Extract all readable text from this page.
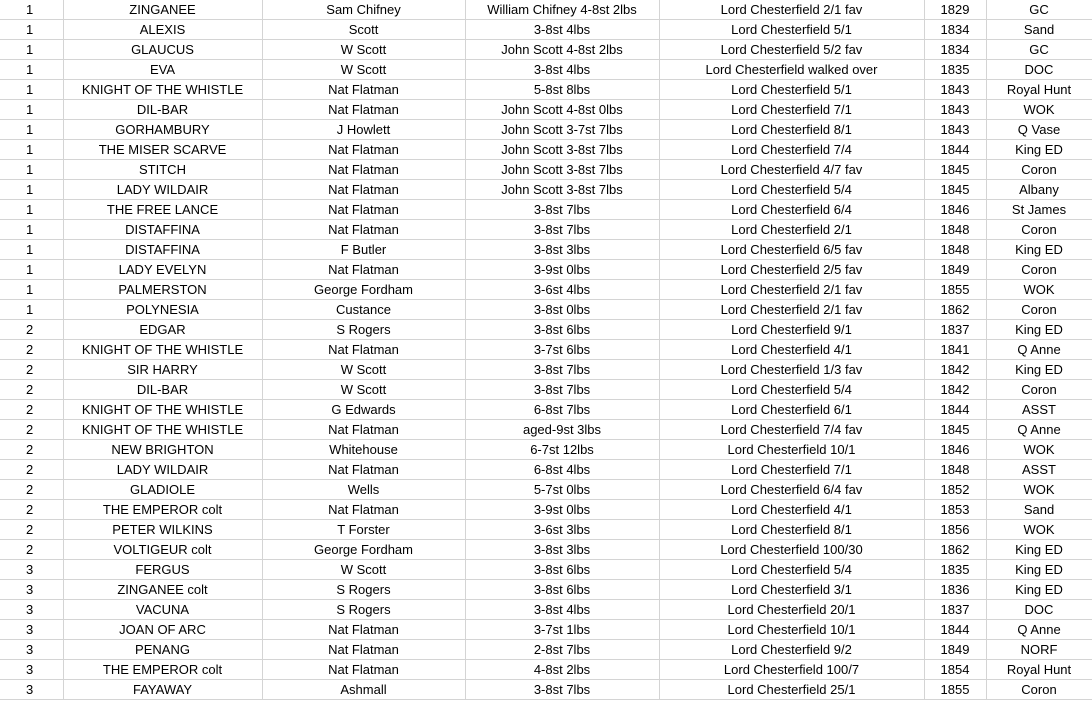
1	ZINGANEE	Sam Chifney	William Chifney 4-8st 2lbs	Lord Chesterfield 2/1 fav	1829	GC
1	ALEXIS	Scott	3-8st 4lbs	Lord Chesterfield 5/1	1834	Sand
1	GLAUCUS	W Scott	John Scott 4-8st 2lbs	Lord Chesterfield 5/2 fav	1834	GC
1	EVA	W Scott	3-8st 4lbs	Lord Chesterfield walked over	1835	DOC
1	KNIGHT OF THE WHISTLE	Nat Flatman	5-8st 8lbs	Lord Chesterfield 5/1	1843	Royal Hunt
1	DIL-BAR	Nat Flatman	John Scott 4-8st 0lbs	Lord Chesterfield 7/1	1843	WOK
1	GORHAMBURY	J Howlett	John Scott 3-7st 7lbs	Lord Chesterfield 8/1	1843	Q Vase
1	THE MISER SCARVE	Nat Flatman	John Scott 3-8st 7lbs	Lord Chesterfield 7/4	1844	King ED
1	STITCH	Nat Flatman	John Scott 3-8st 7lbs	Lord Chesterfield 4/7 fav	1845	Coron
1	LADY WILDAIR	Nat Flatman	John Scott 3-8st 7lbs	Lord Chesterfield 5/4	1845	Albany
1	THE FREE LANCE	Nat Flatman	3-8st 7lbs	Lord Chesterfield 6/4	1846	St James
1	DISTAFFINA	Nat Flatman	3-8st 7lbs	Lord Chesterfield 2/1	1848	Coron
1	DISTAFFINA	F Butler	3-8st 3lbs	Lord Chesterfield 6/5 fav	1848	King ED
1	LADY EVELYN	Nat Flatman	3-9st 0lbs	Lord Chesterfield 2/5 fav	1849	Coron
1	PALMERSTON	George Fordham	3-6st 4lbs	Lord Chesterfield 2/1 fav	1855	WOK
1	POLYNESIA	Custance	3-8st 0lbs	Lord Chesterfield 2/1 fav	1862	Coron
2	EDGAR	S Rogers	3-8st 6lbs	Lord Chesterfield 9/1	1837	King ED
2	KNIGHT OF THE WHISTLE	Nat Flatman	3-7st 6lbs	Lord Chesterfield 4/1	1841	Q Anne
2	SIR HARRY	W Scott	3-8st 7lbs	Lord Chesterfield 1/3 fav	1842	King ED
2	DIL-BAR	W Scott	3-8st 7lbs	Lord Chesterfield 5/4	1842	Coron
2	KNIGHT OF THE WHISTLE	G Edwards	6-8st 7lbs	Lord Chesterfield 6/1	1844	ASST
2	KNIGHT OF THE WHISTLE	Nat Flatman	aged-9st 3lbs	Lord Chesterfield 7/4 fav	1845	Q Anne
2	NEW BRIGHTON	Whitehouse	6-7st 12lbs	Lord Chesterfield 10/1	1846	WOK
2	LADY WILDAIR	Nat Flatman	6-8st 4lbs	Lord Chesterfield 7/1	1848	ASST
2	GLADIOLE	Wells	5-7st 0lbs	Lord Chesterfield 6/4 fav	1852	WOK
2	THE EMPEROR colt	Nat Flatman	3-9st 0lbs	Lord Chesterfield 4/1	1853	Sand
2	PETER WILKINS	T Forster	3-6st 3lbs	Lord Chesterfield 8/1	1856	WOK
2	VOLTIGEUR colt	George Fordham	3-8st 3lbs	Lord Chesterfield 100/30	1862	King ED
3	FERGUS	W Scott	3-8st 6lbs	Lord Chesterfield 5/4	1835	King ED
3	ZINGANEE colt	S Rogers	3-8st 6lbs	Lord Chesterfield 3/1	1836	King ED
3	VACUNA	S Rogers	3-8st 4lbs	Lord Chesterfield 20/1	1837	DOC
3	JOAN OF ARC	Nat Flatman	3-7st 1lbs	Lord Chesterfield 10/1	1844	Q Anne
3	PENANG	Nat Flatman	2-8st 7lbs	Lord Chesterfield 9/2	1849	NORF
3	THE EMPEROR colt	Nat Flatman	4-8st 2lbs	Lord Chesterfield 100/7	1854	Royal Hunt
3	FAYAWAY	Ashmall	3-8st 7lbs	Lord Chesterfield 25/1	1855	Coron
